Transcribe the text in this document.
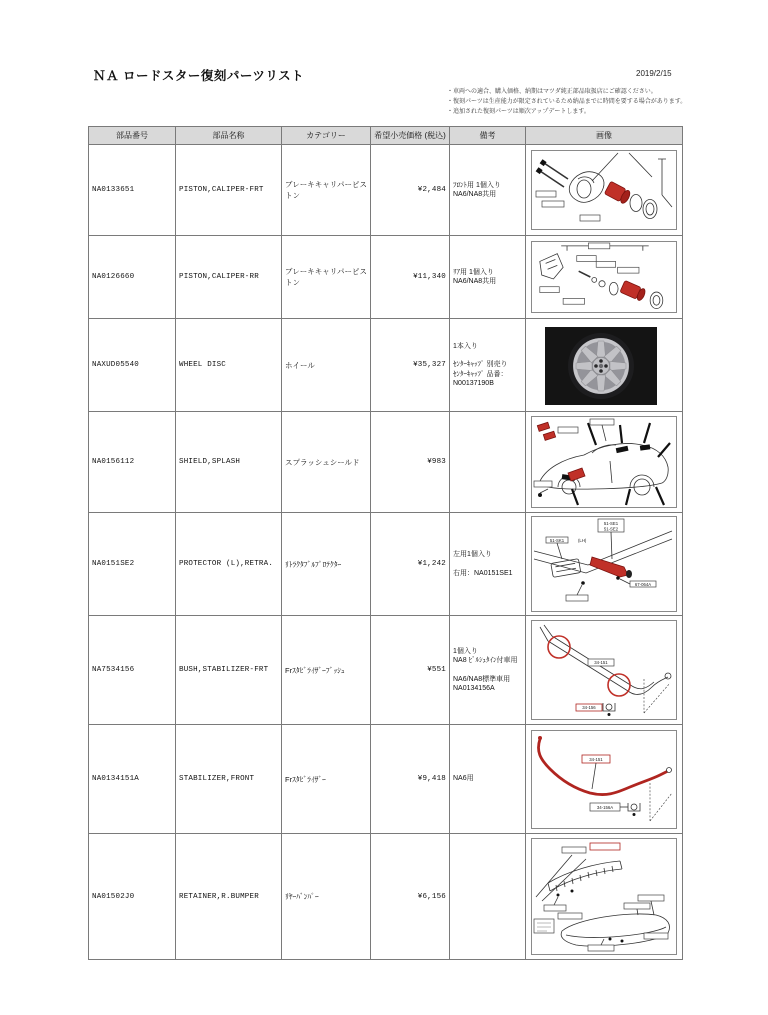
ＮＡ ロードスター復刻パーツリスト	2019/2/15
・車両への適合、購入価格、納期はマツダ純正部品取扱店にご確認ください。
・復刻パーツは生産能力が限定されているため納品までに時間を要する場合があります。
・追加された復刻パーツは順次アップデートします。
部品番号	部品名称	カテゴリー	希望小売価格 (税込)	備考	画像
NA0133651	PISTON,CALIPER-FRT	ブレーキキャリパーピストン	¥2,484	ﾌﾛﾝﾄ用 1個入り
NA6/NA8共用

NA0126660	PISTON,CALIPER-RR	ブレーキキャリパーピストン	¥11,340	ﾘｱ用 1個入り
NA6/NA8共用

NAXUD05540	WHEEL DISC	ホイール	¥35,327	1本入り
ｾﾝﾀｰｷｬｯﾌﾟ 別売り
ｾﾝﾀｰｷｬｯﾌﾟ 品番：
N00137190B

NA0156112	SHIELD,SPLASH	スプラッシュシールド	¥983		

NA0151SE2	PROTECTOR (L),RETRA.	ﾘﾄﾗｸﾀﾌﾞﾙﾌﾟﾛﾃｸﾀｰ	¥1,242	
左用1個入り
右用：NA0151SE1

51-SE1
51-SE2
51-SK1	(LH)
67-064A

NA7534156	BUSH,STABILIZER-FRT	Frｽﾀﾋﾞﾗｲｻﾞｰﾌﾞｯｼｭ	¥551	
1個入り
NA8 ﾋﾞﾙｼｭﾀｲﾝ付車用
NA6/NA8標準車用
NA0134156A

34-151
34-156

NA0134151A	STABILIZER,FRONT	Frｽﾀﾋﾞﾗｲｻﾞｰ	¥9,418	NA6用	34-151
34-156A

NA01502J0	RETAINER,R.BUMPER	ﾘﾔｰﾊﾞﾝﾊﾟｰ	¥6,156		
